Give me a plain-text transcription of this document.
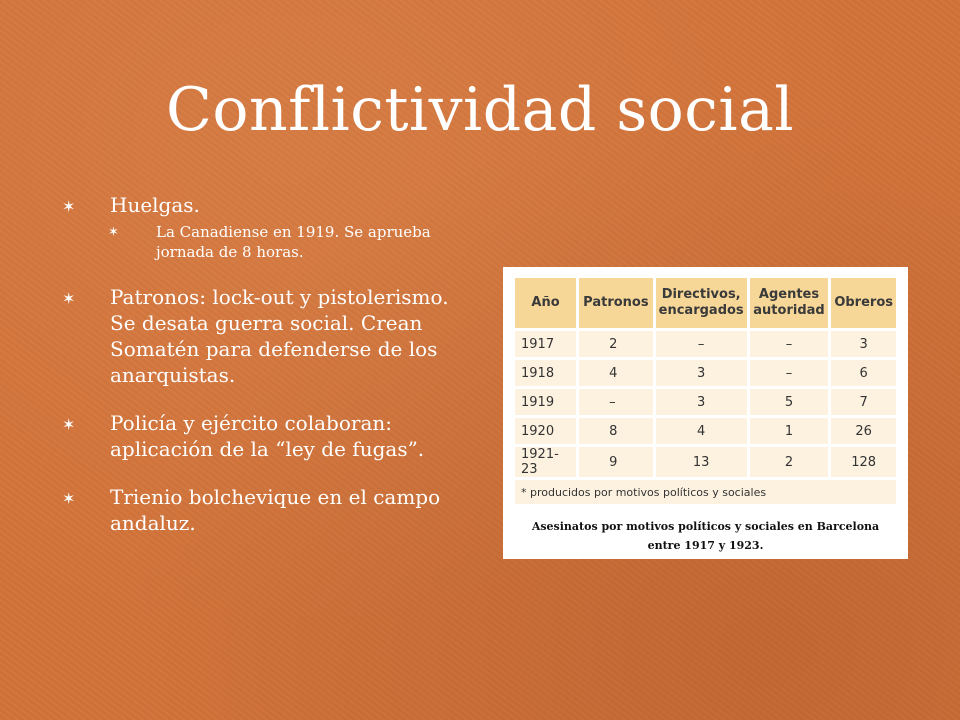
Conflictividad social
✶ Huelgas.
✶ La Canadiense en 1919. Se aprueba jornada de 8 horas.
✶ Patronos: lock-out y pistolerismo. Se desata guerra social. Crean Somatén para defenderse de los anarquistas.
✶ Policía y ejército colaboran: aplicación de la “ley de fugas”.
✶ Trienio bolchevique en el campo andaluz.
Año	Patronos	Directivos, encargados	Agentes autoridad	Obreros
1917	2	–	–	3
1918	4	3	–	6
1919	–	3	5	7
1920	8	4	1	26
1921-23	9	13	2	128
* producidos por motivos políticos y sociales				
Asesinatos por motivos políticos y sociales en Barcelona
entre 1917 y 1923.
